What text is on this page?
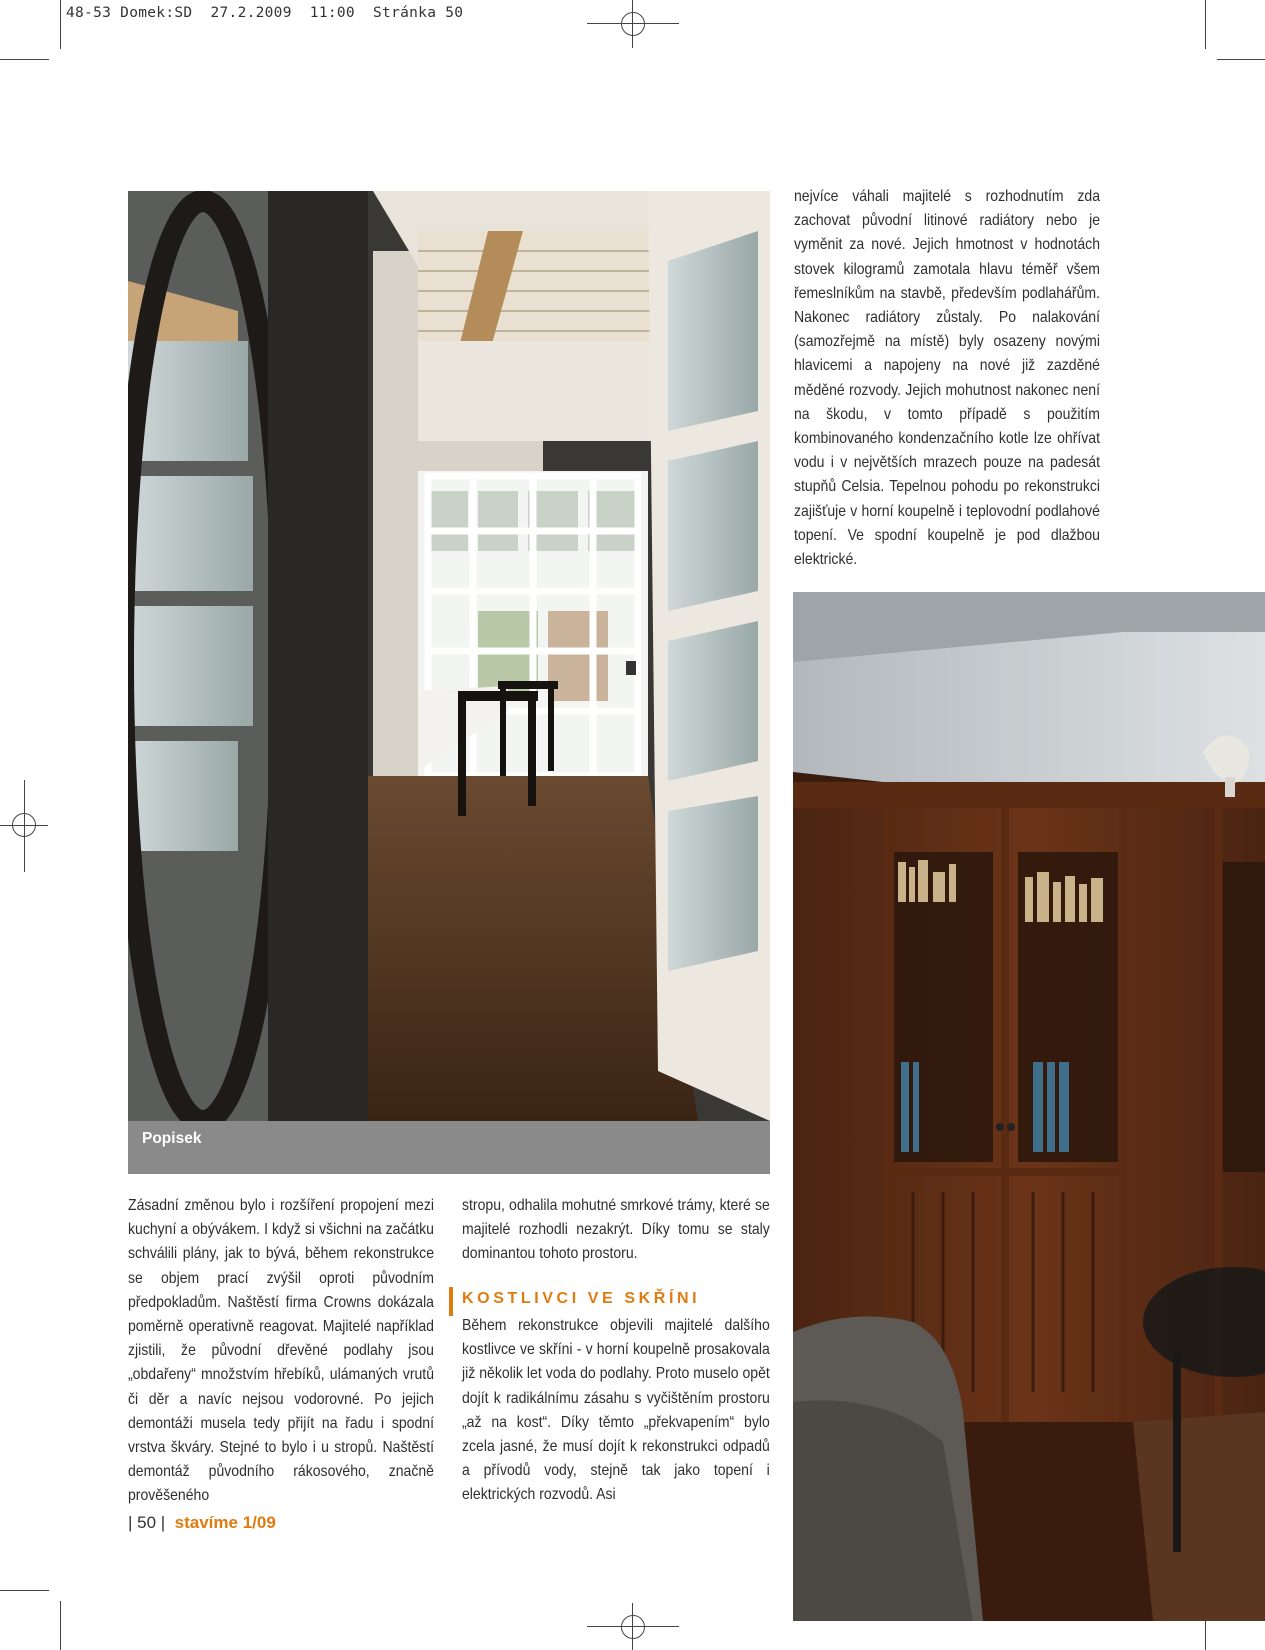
48-53 Domek:SD  27.2.2009  11:00  Stránka 50
Popisek

nejvíce váhali majitelé s rozhodnutím zda zachovat původní litinové radiátory nebo je vyměnit za nové. Jejich hmotnost v hodnotách stovek kilogramů zamotala hlavu téměř všem řemeslníkům na stavbě, především podlahářům. Nakonec radiátory zůstaly. Po nalakování (samozřejmě na místě) byly osazeny novými hlavicemi a napojeny na nové již zazděné měděné rozvody. Jejich mohutnost nakonec není na škodu, v tomto případě s použitím kombinovaného kondenzačního kotle lze ohřívat vodu i v největších mrazech pouze na padesát stupňů Celsia. Tepelnou pohodu po rekonstrukci zajišťuje v horní koupelně i teplovodní podlahové topení. Ve spodní koupelně je pod dlažbou elektrické.

Zásadní změnou bylo i rozšíření propojení mezi kuchyní a obývákem. I když si všichni na začátku schválili plány, jak to bývá, během rekonstrukce se objem prací zvýšil oproti původním předpokladům. Naštěstí firma Crowns dokázala poměrně operativně reagovat. Majitelé například zjistili, že původní dřevěné podlahy jsou „obdařeny“ množstvím hřebíků, ulámaných vrutů či děr a navíc nejsou vodorovné. Po jejich demontáži musela tedy přijít na řadu i spodní vrstva škváry. Stejné to bylo i u stropů. Naštěstí demontáž původního rákosového, značně prověšeného

stropu, odhalila mohutné smrkové trámy, které se majitelé rozhodli nezakrýt. Díky tomu se staly dominantou tohoto prostoru.

KOSTLIVCI VE SKŘÍNI

Během rekonstrukce objevili majitelé dalšího kostlivce ve skříni - v horní koupelně prosakovala již několik let voda do podlahy. Proto muselo opět dojít k radikálnímu zásahu s vyčištěním prostoru „až na kost“. Díky těmto „překvapením“ bylo zcela jasné, že musí dojít k rekonstrukci odpadů a přívodů vody, stejně tak jako topení i elektrických rozvodů. Asi

| 50 |  stavíme 1/09
